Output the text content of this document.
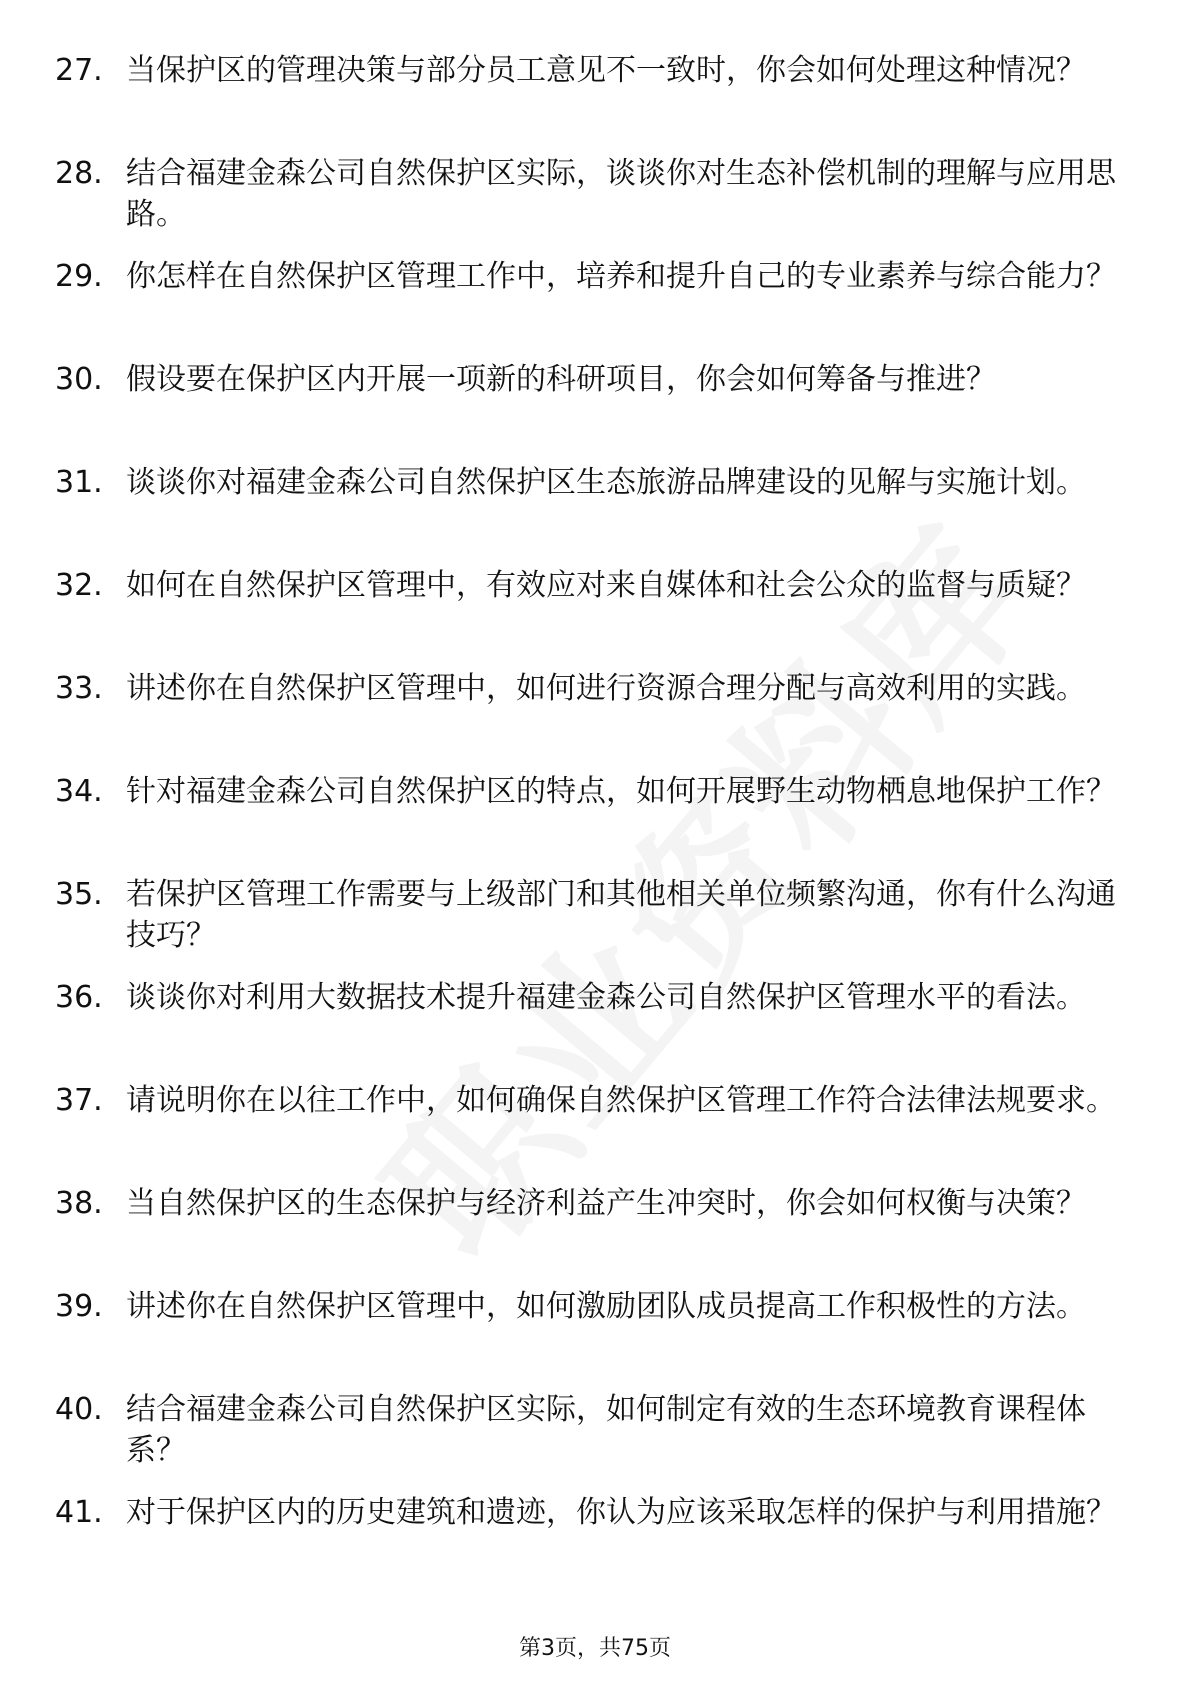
27. 当保护区的管理决策与部分员工意见不一致时，你会如何处理这种情况？
28. 结合福建金森公司自然保护区实际，谈谈你对生态补偿机制的理解与应用思路。
29. 你怎样在自然保护区管理工作中，培养和提升自己的专业素养与综合能力？
30. 假设要在保护区内开展一项新的科研项目，你会如何筹备与推进？
31. 谈谈你对福建金森公司自然保护区生态旅游品牌建设的见解与实施计划。
32. 如何在自然保护区管理中，有效应对来自媒体和社会公众的监督与质疑？
33. 讲述你在自然保护区管理中，如何进行资源合理分配与高效利用的实践。
34. 针对福建金森公司自然保护区的特点，如何开展野生动物栖息地保护工作？
35. 若保护区管理工作需要与上级部门和其他相关单位频繁沟通，你有什么沟通技巧？
36. 谈谈你对利用大数据技术提升福建金森公司自然保护区管理水平的看法。
37. 请说明你在以往工作中，如何确保自然保护区管理工作符合法律法规要求。
38. 当自然保护区的生态保护与经济利益产生冲突时，你会如何权衡与决策？
39. 讲述你在自然保护区管理中，如何激励团队成员提高工作积极性的方法。
40. 结合福建金森公司自然保护区实际，如何制定有效的生态环境教育课程体系？
41. 对于保护区内的历史建筑和遗迹，你认为应该采取怎样的保护与利用措施？
第3页，共75页
